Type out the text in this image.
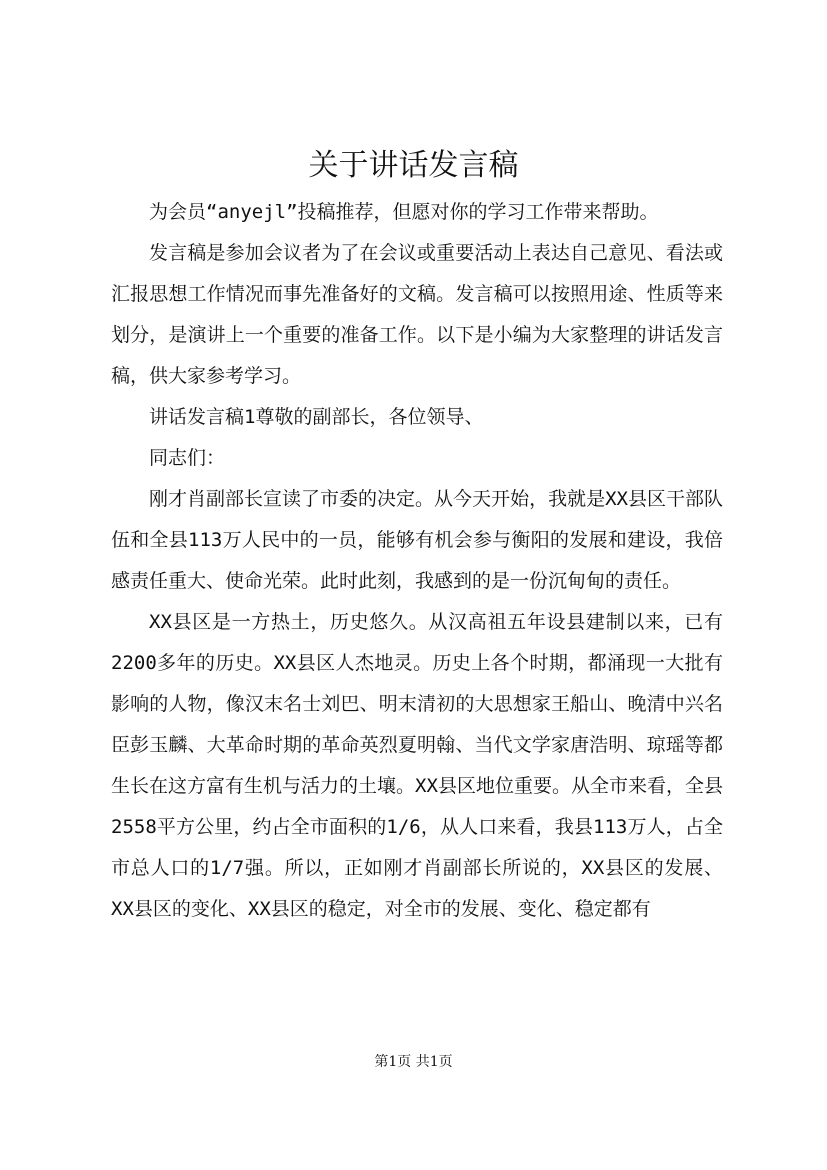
关于讲话发言稿

为会员“anyejl”投稿推荐，但愿对你的学习工作带来帮助。

发言稿是参加会议者为了在会议或重要活动上表达自己意见、看法或汇报思想工作情况而事先准备好的文稿。发言稿可以按照用途、性质等来划分，是演讲上一个重要的准备工作。以下是小编为大家整理的讲话发言稿，供大家参考学习。

讲话发言稿1尊敬的副部长，各位领导、

同志们：

刚才肖副部长宣读了市委的决定。从今天开始，我就是XX县区干部队伍和全县113万人民中的一员，能够有机会参与衡阳的发展和建设，我倍感责任重大、使命光荣。此时此刻，我感到的是一份沉甸甸的责任。

XX县区是一方热土，历史悠久。从汉高祖五年设县建制以来，已有2200多年的历史。XX县区人杰地灵。历史上各个时期，都涌现一大批有影响的人物，像汉末名士刘巴、明末清初的大思想家王船山、晚清中兴名臣彭玉麟、大革命时期的革命英烈夏明翰、当代文学家唐浩明、琼瑶等都生长在这方富有生机与活力的土壤。XX县区地位重要。从全市来看，全县2558平方公里，约占全市面积的1/6，从人口来看，我县113万人，占全市总人口的1/7强。所以，正如刚才肖副部长所说的，XX县区的发展、XX县区的变化、XX县区的稳定，对全市的发展、变化、稳定都有

第1页 共1页
